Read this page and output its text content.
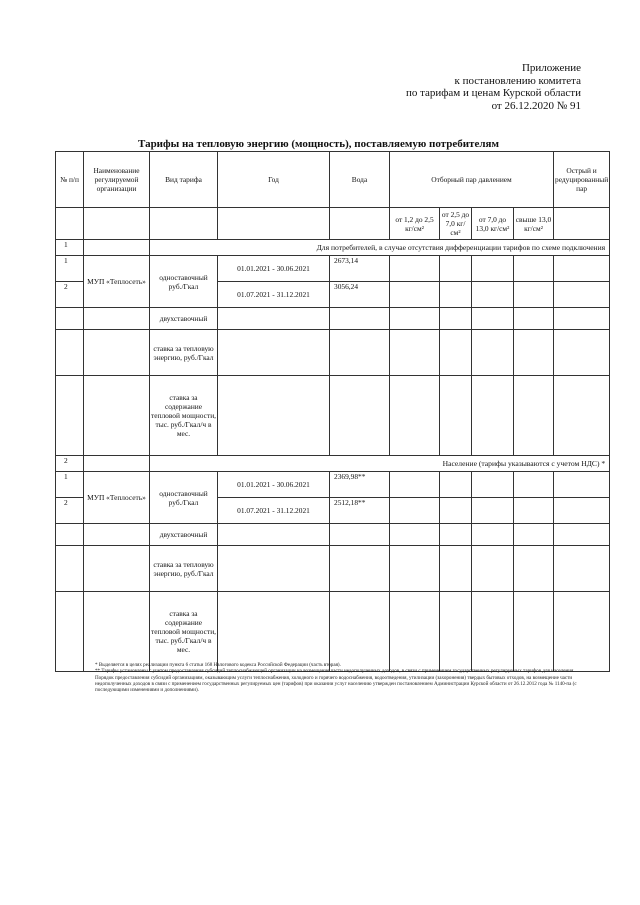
Приложение
к постановлению комитета
по тарифам и ценам Курской области
от 26.12.2020 № 91
Тарифы на тепловую энергию (мощность), поставляемую потребителям
№ п/п	Наименование регулируемой организации	Вид тарифа	Год	Вода	Отборный пар давлением				Острый и редуцированный пар

					от 1,2 до 2,5 кг/см²	от 2,5 до 7,0 кг/см²	от 7,0 до 13,0 кг/см²	свыше 13,0 кг/см²	
1		Для потребителей, в случае отсутствия дифференциации тарифов по схеме подключения							
1	МУП «Теплосеть»	одноставочный руб./Гкал	01.01.2021 - 30.06.2021	2673,14					
2			01.07.2021 - 31.12.2021	3056,24					
		двухставочный							
		ставка за тепловую энергию, руб./Гкал							
		ставка за содержание тепловой мощности, тыс. руб./Гкал/ч в мес.							
2		Население (тарифы указываются с учетом НДС) *							
1	МУП «Теплосеть»	одноставочный руб./Гкал	01.01.2021 - 30.06.2021	2369,98**					
2			01.07.2021 - 31.12.2021	2512,18**					
		двухставочный							
		ставка за тепловую энергию, руб./Гкал							
		ставка за содержание тепловой мощности, тыс. руб./Гкал/ч в мес.							
* Выделяется в целях реализации пункта 6 статьи 168 Налогового кодекса Российской Федерации (часть вторая).
** Тарифы установлены с учетом предоставления субсидий теплоснабжающей организации на возмещение части недополученных доходов, в связи с применением государственных регулируемых тарифов для населения.
Порядок предоставления субсидий организациям, оказывающим услуги теплоснабжения, холодного и горячего водоснабжения, водоотведения, утилизации (захоронения) твердых бытовых отходов, на возмещение части недополученных доходов в связи с применением государственных регулируемых цен (тарифов) при оказании услуг населению утвержден постановлением Администрации Курской области от 26.12.2012 года № 1140-па (с последующими изменениями и дополнениями).
